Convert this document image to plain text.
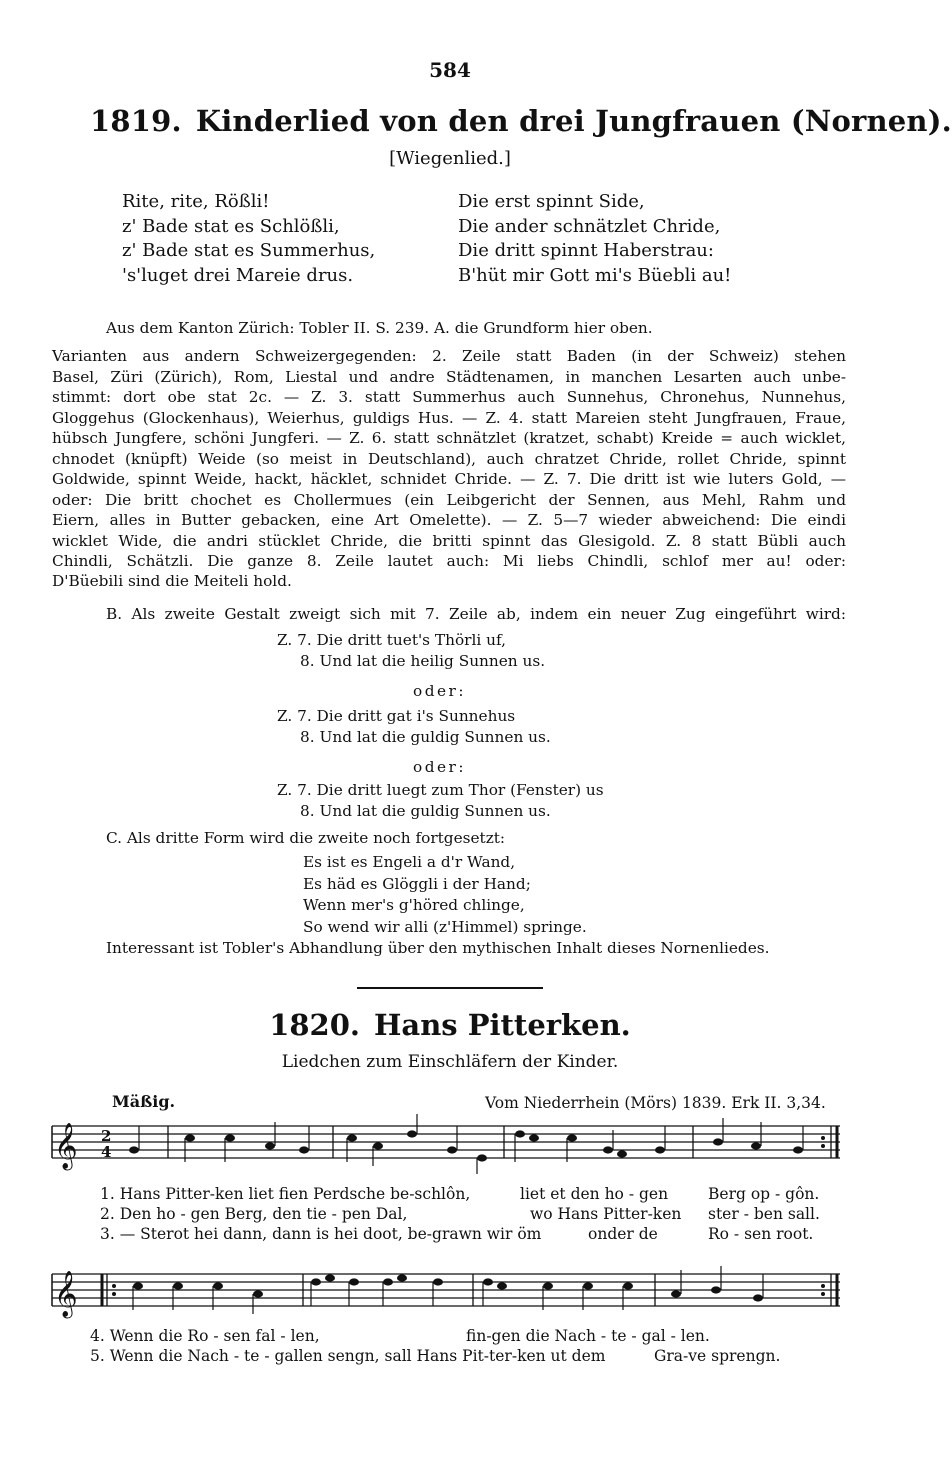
584
1819. Kinderlied von den drei Jungfrauen (Nornen).
[Wiegenlied.]
Rite, rite, Rößli!
z' Bade stat es Schlößli,
z' Bade stat es Summerhus,
's'luget drei Mareie drus.
Die erst spinnt Side,
Die ander schnätzlet Chride,
Die dritt spinnt Haberstrau:
B'hüt mir Gott mi's Büebli au!
Aus dem Kanton Zürich: Tobler II. S. 239. A. die Grundform hier oben.
Varianten aus andern Schweizergegenden: 2. Zeile statt Baden (in der Schweiz) stehen
Basel, Züri (Zürich), Rom, Liestal und andre Städtenamen, in manchen Lesarten auch unbe-
stimmt: dort obe stat 2c. — Z. 3. statt Summerhus auch Sunnehus, Chronehus, Nunnehus,
Gloggehus (Glockenhaus), Weierhus, guldigs Hus. — Z. 4. statt Mareien steht Jungfrauen, Fraue,
hübsch Jungfere, schöni Jungferi. — Z. 6. statt schnätzlet (kratzet, schabt) Kreide = auch wicklet,
chnodet (knüpft) Weide (so meist in Deutschland), auch chratzet Chride, rollet Chride, spinnt
Goldwide, spinnt Weide, hackt, häcklet, schnidet Chride. — Z. 7. Die dritt ist wie luters Gold, —
oder: Die britt chochet es Chollermues (ein Leibgericht der Sennen, aus Mehl, Rahm und
Eiern, alles in Butter gebacken, eine Art Omelette). — Z. 5—7 wieder abweichend: Die eindi
wicklet Wide, die andri stücklet Chride, die britti spinnt das Glesigold. Z. 8 statt Bübli auch
Chindli, Schätzli. Die ganze 8. Zeile lautet auch: Mi liebs Chindli, schlof mer au! oder:
D'Büebili sind die Meiteli hold.
B. Als zweite Gestalt zweigt sich mit 7. Zeile ab, indem ein neuer Zug eingeführt wird:
Z. 7. Die dritt tuet's Thörli uf,
8. Und lat die heilig Sunnen us.
oder:
Z. 7. Die dritt gat i's Sunnehus
8. Und lat die guldig Sunnen us.
oder:
Z. 7. Die dritt luegt zum Thor (Fenster) us
8. Und lat die guldig Sunnen us.
C. Als dritte Form wird die zweite noch fortgesetzt:
Es ist es Engeli a d'r Wand,
Es häd es Glöggli i der Hand;
Wenn mer's g'höred chlinge,
So wend wir alli (z'Himmel) springe.
Interessant ist Tobler's Abhandlung über den mythischen Inhalt dieses Nornenliedes.
1820. Hans Pitterken.
Liedchen zum Einschläfern der Kinder.
Mäßig.	Vom Niederrhein (Mörs) 1839. Erk II. 3,34.
𝄞 2
4
1. Hans Pitter-ken liet fien Perdsche be-schlôn,	liet et den ho - gen	Berg op - gôn.
2. Den ho - gen Berg, den tie - pen Dal,	wo Hans Pitter-ken ster - ben sall.
3. — Sterot hei dann, dann is hei doot, be-grawn wir öm	onder de	Ro - sen root.
𝄞
4. Wenn die Ro - sen fal - len,	fin-gen die Nach - te - gal - len.
5. Wenn die Nach - te - gallen sengn, sall Hans Pit-ter-ken ut dem	Gra-ve sprengn.
